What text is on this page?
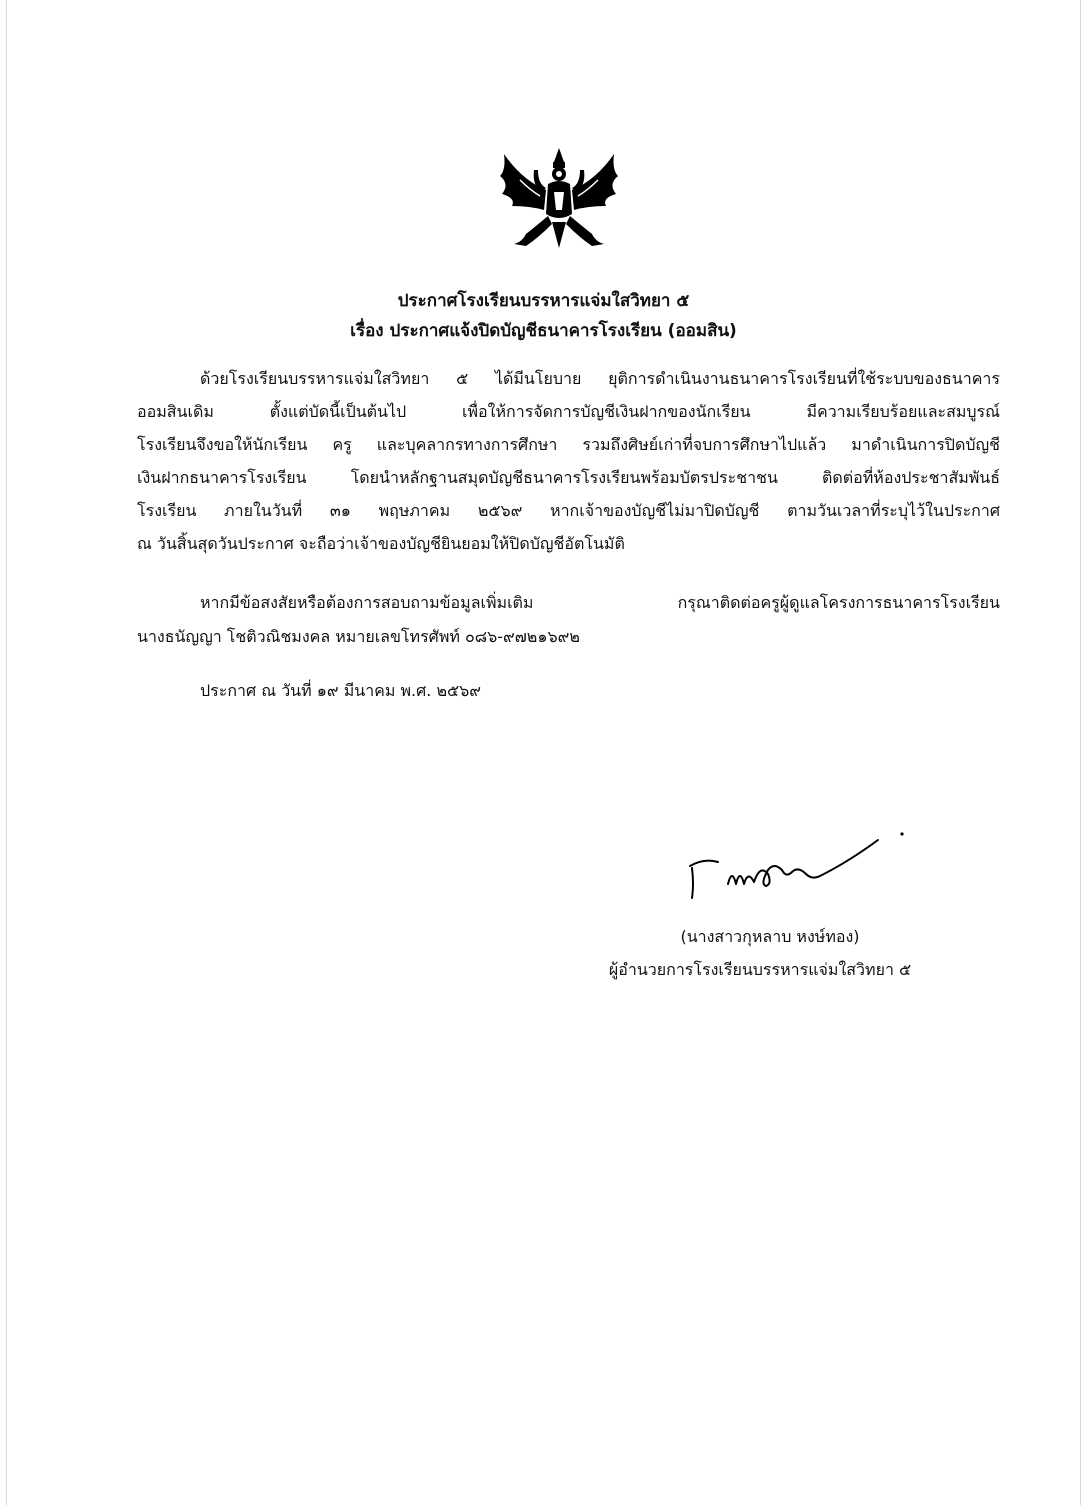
ประกาศโรงเรียนบรรหารแจ่มใสวิทยา ๕
เรื่อง ประกาศแจ้งปิดบัญชีธนาคารโรงเรียน (ออมสิน)
ด้วยโรงเรียนบรรหารแจ่มใสวิทยา ๕ ได้มีนโยบาย ยุติการดำเนินงานธนาคารโรงเรียนที่ใช้ระบบของธนาคาร
ออมสินเดิม ตั้งแต่บัดนี้เป็นต้นไป เพื่อให้การจัดการบัญชีเงินฝากของนักเรียน มีความเรียบร้อยและสมบูรณ์
โรงเรียนจึงขอให้นักเรียน ครู และบุคลากรทางการศึกษา รวมถึงศิษย์เก่าที่จบการศึกษาไปแล้ว มาดำเนินการปิดบัญชี
เงินฝากธนาคารโรงเรียน โดยนำหลักฐานสมุดบัญชีธนาคารโรงเรียนพร้อมบัตรประชาชน ติดต่อที่ห้องประชาสัมพันธ์
โรงเรียน ภายในวันที่ ๓๑ พฤษภาคม ๒๕๖๙ หากเจ้าของบัญชีไม่มาปิดบัญชี ตามวันเวลาที่ระบุไว้ในประกาศ
ณ วันสิ้นสุดวันประกาศ จะถือว่าเจ้าของบัญชียินยอมให้ปิดบัญชีอัตโนมัติ
หากมีข้อสงสัยหรือต้องการสอบถามข้อมูลเพิ่มเติม กรุณาติดต่อครูผู้ดูแลโครงการธนาคารโรงเรียน
นางธนัญญา โชติวณิชมงคล หมายเลขโทรศัพท์ ๐๘๖-๙๗๒๑๖๙๒
ประกาศ ณ วันที่ ๑๙ มีนาคม พ.ศ. ๒๕๖๙
(นางสาวกุหลาบ หงษ์ทอง)
ผู้อำนวยการโรงเรียนบรรหารแจ่มใสวิทยา ๕
